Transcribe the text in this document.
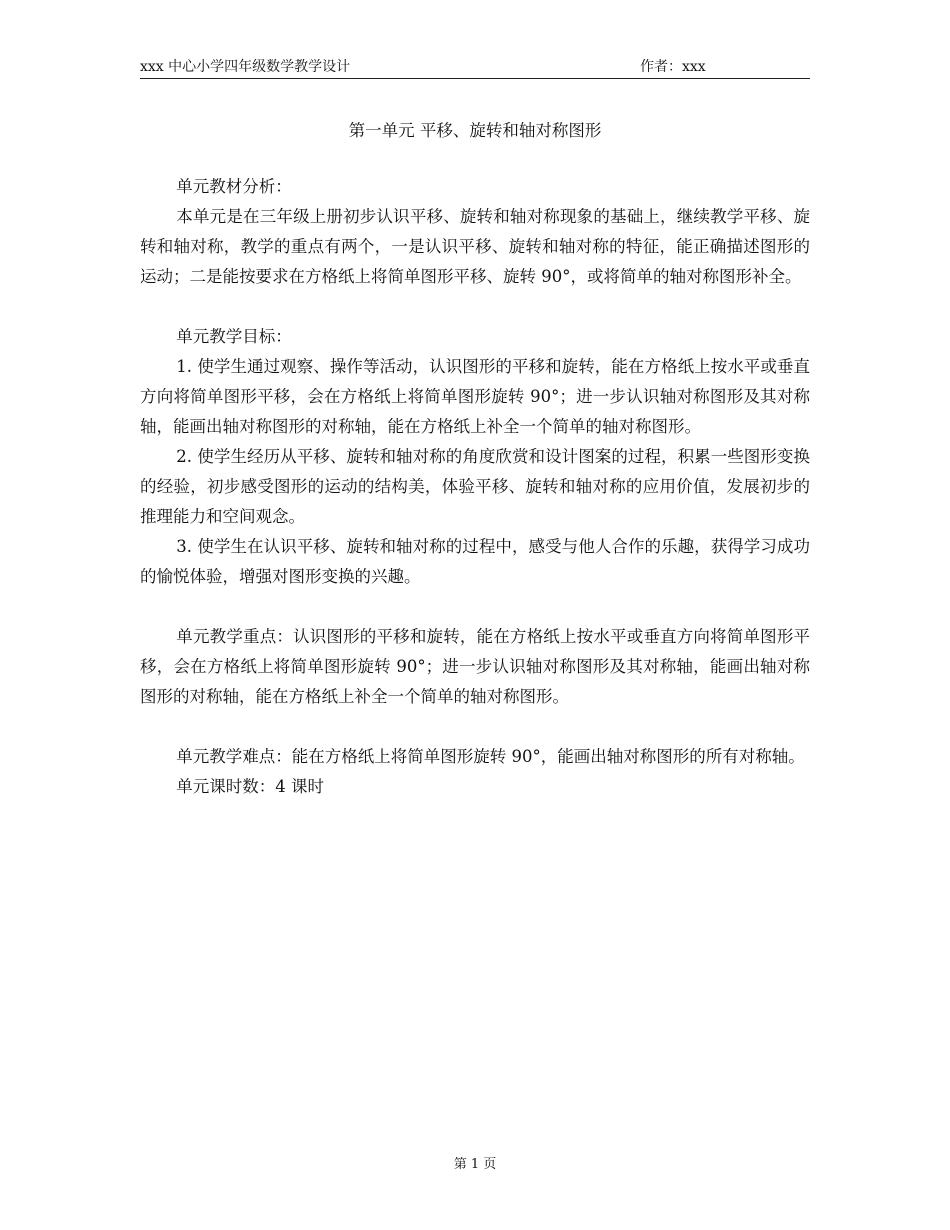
xxx 中心小学四年级数学教学设计	作者：xxx
第一单元 平移、旋转和轴对称图形

单元教材分析：

本单元是在三年级上册初步认识平移、旋转和轴对称现象的基础上，继续教学平移、旋转和轴对称，教学的重点有两个，一是认识平移、旋转和轴对称的特征，能正确描述图形的运动；二是能按要求在方格纸上将简单图形平移、旋转 90°，或将简单的轴对称图形补全。

单元教学目标：

1. 使学生通过观察、操作等活动，认识图形的平移和旋转，能在方格纸上按水平或垂直方向将简单图形平移，会在方格纸上将简单图形旋转 90°；进一步认识轴对称图形及其对称轴，能画出轴对称图形的对称轴，能在方格纸上补全一个简单的轴对称图形。

2. 使学生经历从平移、旋转和轴对称的角度欣赏和设计图案的过程，积累一些图形变换的经验，初步感受图形的运动的结构美，体验平移、旋转和轴对称的应用价值，发展初步的推理能力和空间观念。

3. 使学生在认识平移、旋转和轴对称的过程中，感受与他人合作的乐趣，获得学习成功的愉悦体验，增强对图形变换的兴趣。

单元教学重点：认识图形的平移和旋转，能在方格纸上按水平或垂直方向将简单图形平移，会在方格纸上将简单图形旋转 90°；进一步认识轴对称图形及其对称轴，能画出轴对称图形的对称轴，能在方格纸上补全一个简单的轴对称图形。

单元教学难点：能在方格纸上将简单图形旋转 90°，能画出轴对称图形的所有对称轴。

单元课时数：4 课时

第 1 页
